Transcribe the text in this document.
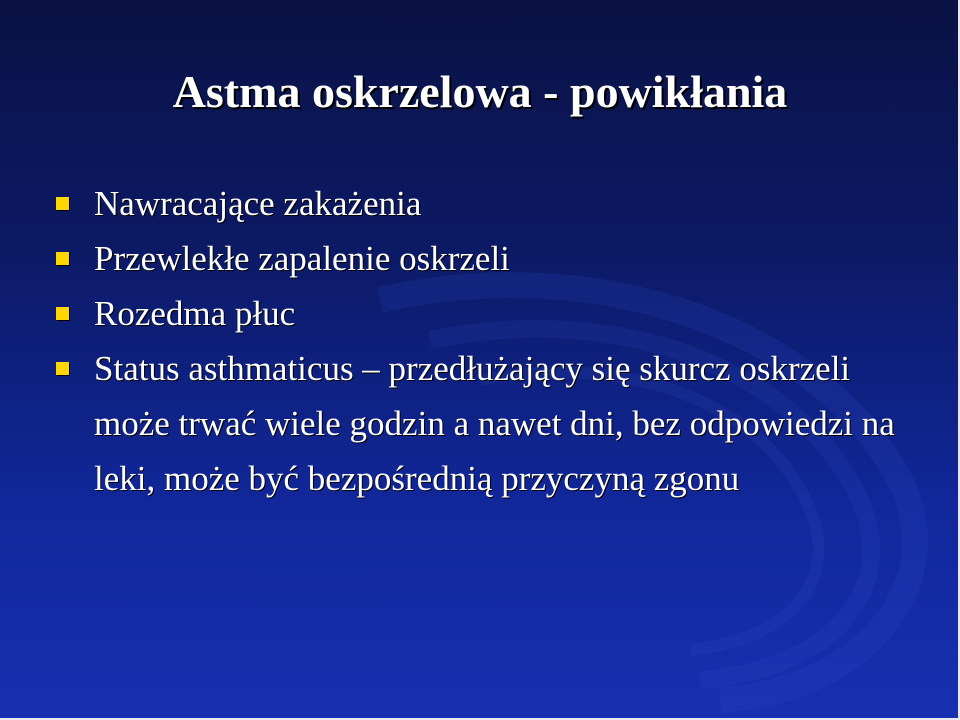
Astma oskrzelowa - powikłania
Nawracające zakażenia
Przewlekłe zapalenie oskrzeli
Rozedma płuc
Status asthmaticus – przedłużający się skurcz oskrzeli może trwać wiele godzin a nawet dni, bez odpowiedzi na leki, może być bezpośrednią przyczyną zgonu
